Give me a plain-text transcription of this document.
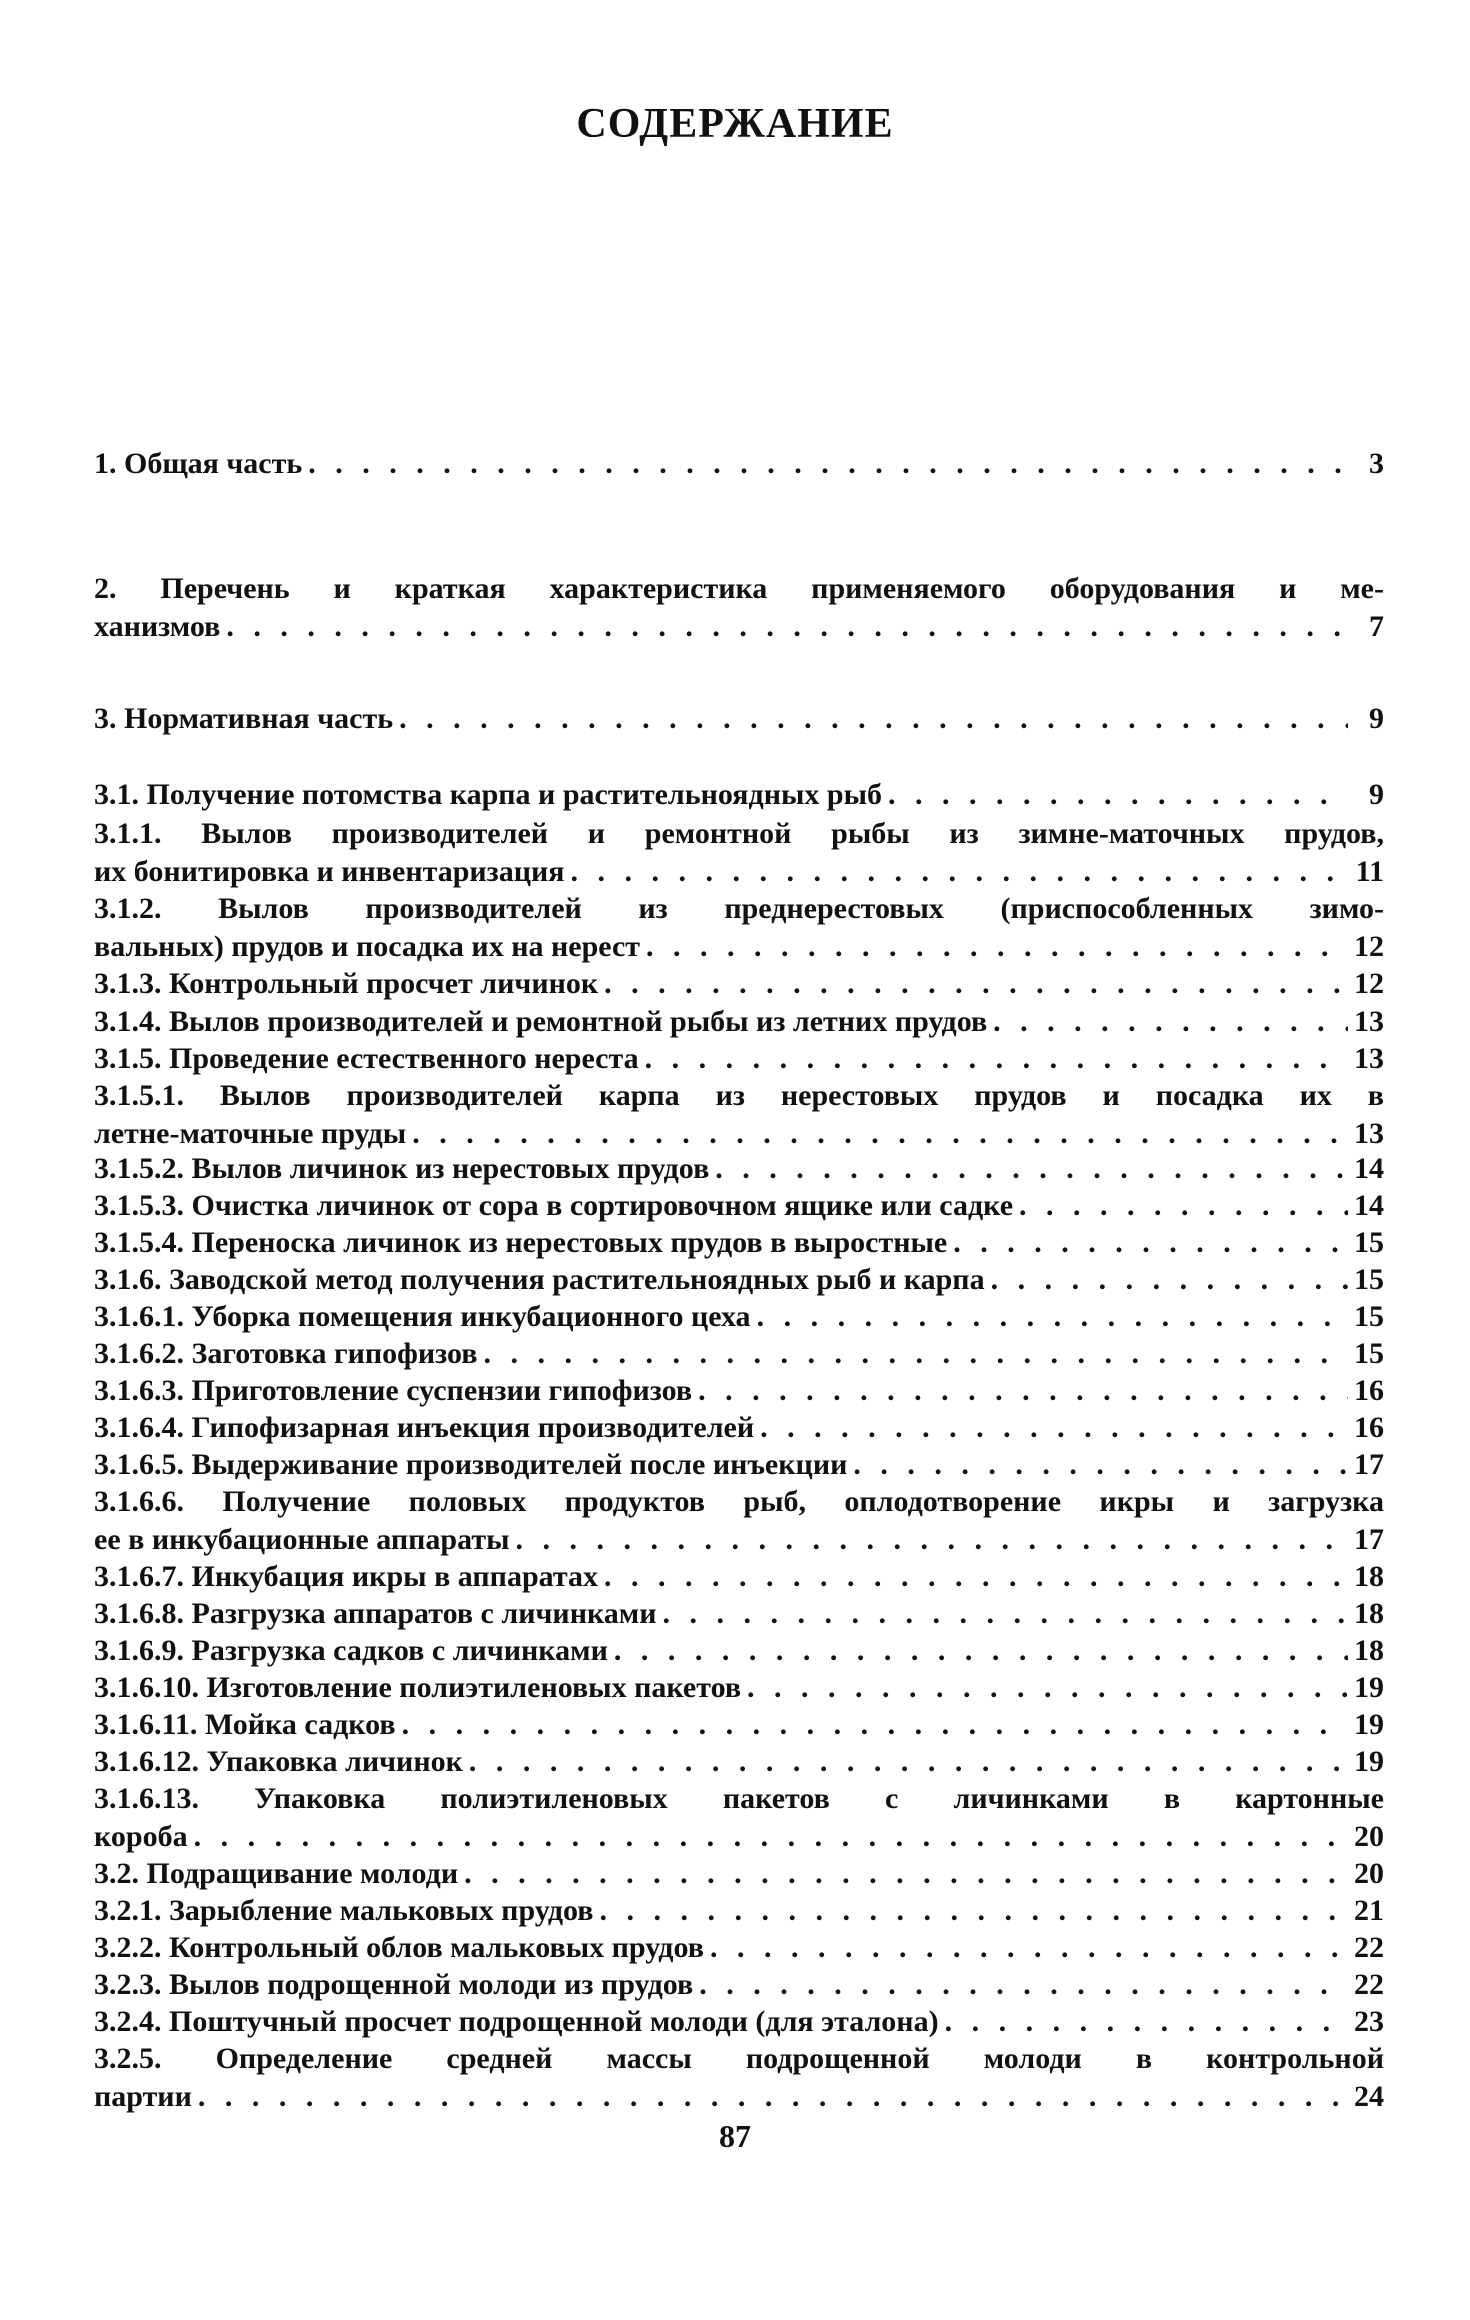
СОДЕРЖАНИЕ
1. Общая часть . . .	3
2. Перечень и краткая характеристика применяемого оборудования и ме-
ханизмов . . .	7
3. Нормативная часть . . .	9
3.1. Получение потомства карпа и растительноядных рыб . . .	9
3.1.1. Вылов производителей и ремонтной рыбы из зимне-маточных прудов,
их бонитировка и инвентаризация . . .	11
3.1.2. Вылов производителей из преднерестовых (приспособленных зимо-
вальных) прудов и посадка их на нерест . . .	12
3.1.3. Контрольный просчет личинок . . .	12
3.1.4. Вылов производителей и ремонтной рыбы из летних прудов . . .	13
3.1.5. Проведение естественного нереста . . .	13
3.1.5.1. Вылов производителей карпа из нерестовых прудов и посадка их в
летне-маточные пруды . . .	13
3.1.5.2. Вылов личинок из нерестовых прудов . . .	14
3.1.5.3. Очистка личинок от сора в сортировочном ящике или садке . . .	14
3.1.5.4. Переноска личинок из нерестовых прудов в выростные . . .	15
3.1.6. Заводской метод получения растительноядных рыб и карпа . . .	15
3.1.6.1. Уборка помещения инкубационного цеха . . .	15
3.1.6.2. Заготовка гипофизов . . .	15
3.1.6.3. Приготовление суспензии гипофизов . . .	16
3.1.6.4. Гипофизарная инъекция производителей . . .	16
3.1.6.5. Выдерживание производителей после инъекции . . .	17
3.1.6.6. Получение половых продуктов рыб, оплодотворение икры и загрузка
ее в инкубационные аппараты . . .	17
3.1.6.7. Инкубация икры в аппаратах . . .	18
3.1.6.8. Разгрузка аппаратов с личинками . . .	18
3.1.6.9. Разгрузка садков с личинками . . .	18
3.1.6.10. Изготовление полиэтиленовых пакетов . . .	19
3.1.6.11. Мойка садков . . .	19
3.1.6.12. Упаковка личинок . . .	19
3.1.6.13. Упаковка полиэтиленовых пакетов с личинками в картонные
короба . . .	20
3.2. Подращивание молоди . . .	20
3.2.1. Зарыбление мальковых прудов . . .	21
3.2.2. Контрольный облов мальковых прудов . . .	22
3.2.3. Вылов подрощенной молоди из прудов . . .	22
3.2.4. Поштучный просчет подрощенной молоди (для эталона) . . .	23
3.2.5. Определение средней массы подрощенной молоди в контрольной
партии . . .	24
87
